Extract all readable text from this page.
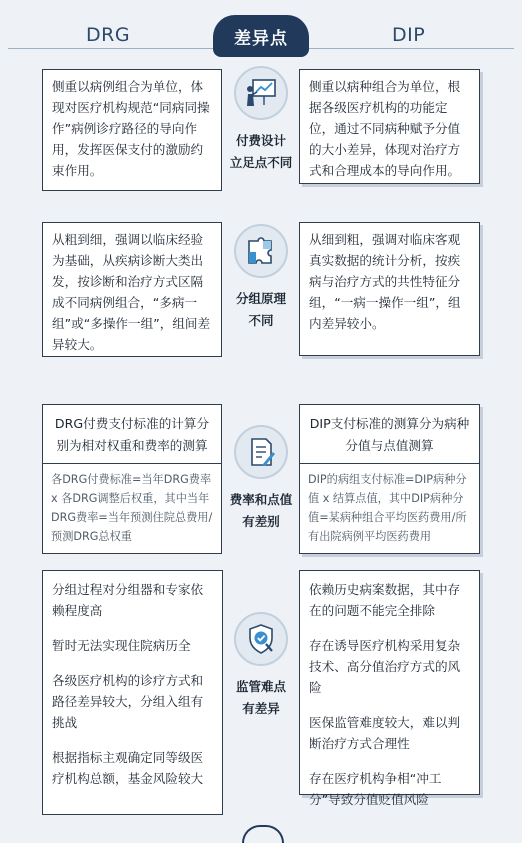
DRG	差异点	DIP
侧重以病例组合为单位，体现对医疗机构规范“同病同操作”病例诊疗路径的导向作用，发挥医保支付的激励约束作用。
付费设计
立足点不同
侧重以病种组合为单位，根据各级医疗机构的功能定位，通过不同病种赋予分值的大小差异，体现对治疗方式和合理成本的导向作用。
从粗到细，强调以临床经验为基础，从疾病诊断大类出发，按诊断和治疗方式区隔成不同病例组合，“多病一组”或“多操作一组”，组间差异较大。
分组原理
不同
从细到粗，强调对临床客观真实数据的统计分析，按疾病与治疗方式的共性特征分组，“一病一操作一组”，组内差异较小。
DRG付费支付标准的计算分别为相对权重和费率的测算
各DRG付费标准=当年DRG费率 x 各DRG调整后权重，其中当年DRG费率=当年预测住院总费用/预测DRG总权重
费率和点值
有差别
DIP支付标准的测算分为病种分值与点值测算
DIP的病组支付标准=DIP病种分值 x 结算点值，其中DIP病种分值=某病种组合平均医药费用/所有出院病例平均医药费用
分组过程对分组器和专家依赖程度高
暂时无法实现住院病历全
各级医疗机构的诊疗方式和路径差异较大，分组入组有挑战
根据指标主观确定同等级医疗机构总额，基金风险较大
监管难点
有差异
依赖历史病案数据，其中存在的问题不能完全排除
存在诱导医疗机构采用复杂技术、高分值治疗方式的风险
医保监管难度较大，难以判断治疗方式合理性
存在医疗机构争相“冲工分”导致分值贬值风险
